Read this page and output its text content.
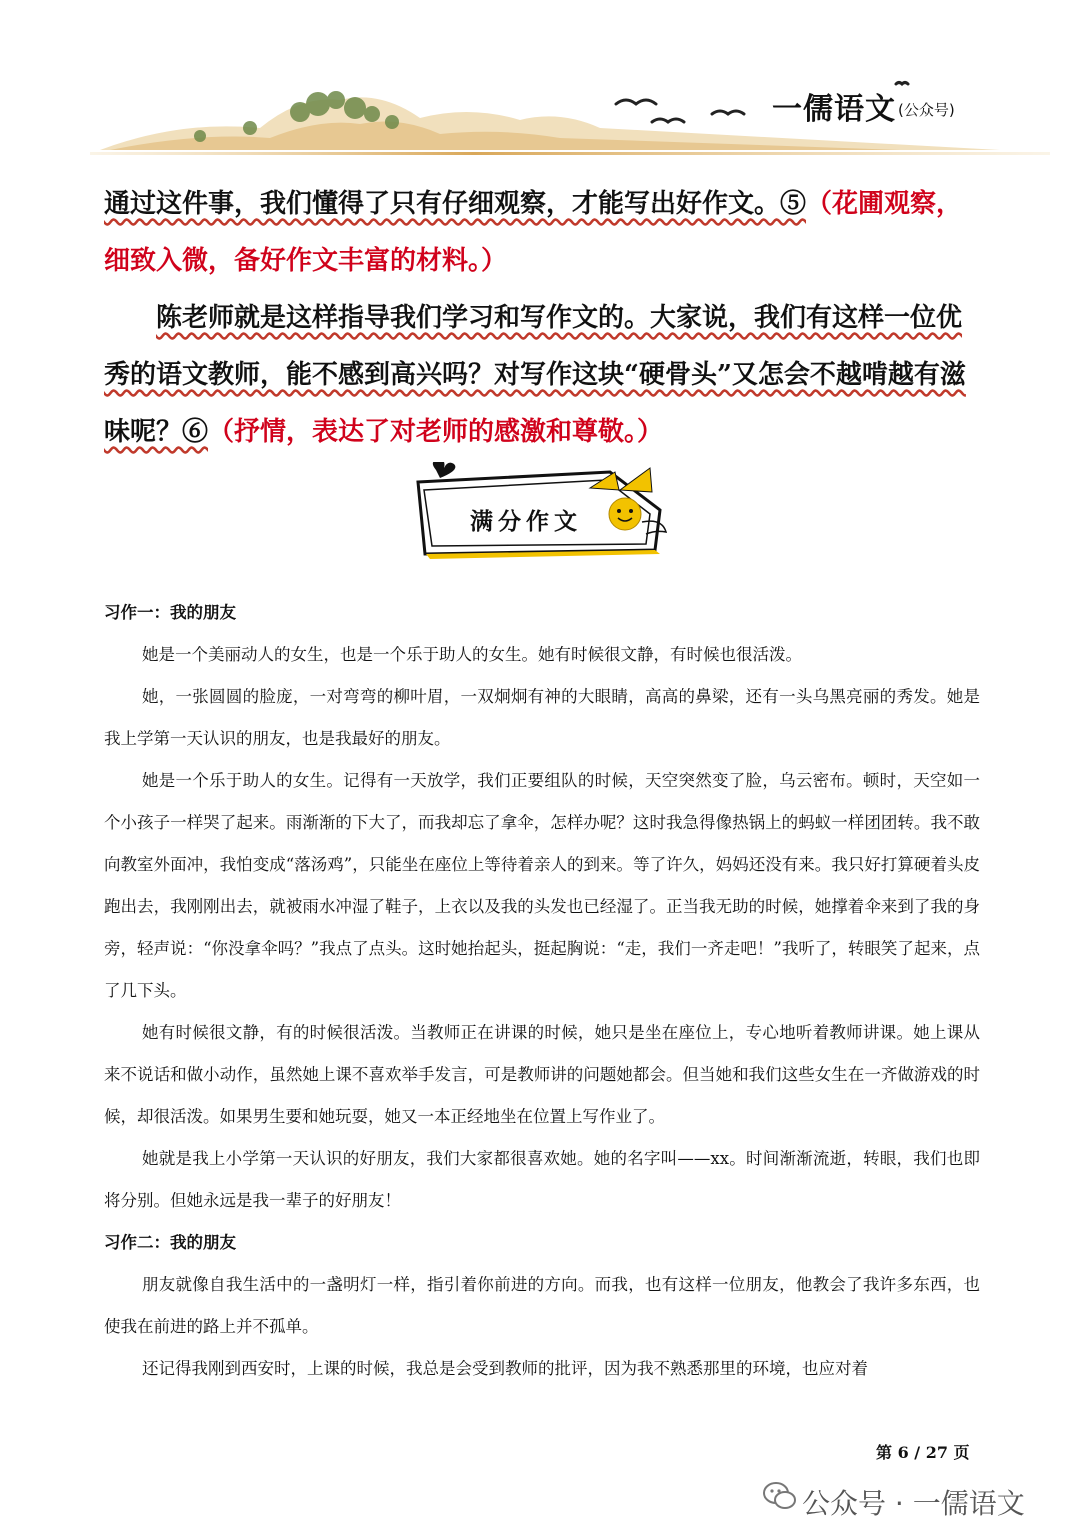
一儒语文 (公众号)
通过这件事，我们懂得了只有仔细观察，才能写出好作文。⑤（花圃观察，细致入微，备好作文丰富的材料。）
陈老师就是这样指导我们学习和写作文的。大家说，我们有这样一位优秀的语文教师，能不感到高兴吗？对写作这块“硬骨头”又怎会不越啃越有滋味呢？⑥（抒情，表达了对老师的感激和尊敬。）
满分作文

习作一：我的朋友

她是一个美丽动人的女生，也是一个乐于助人的女生。她有时候很文静，有时候也很活泼。

她，一张圆圆的脸庞，一对弯弯的柳叶眉，一双炯炯有神的大眼睛，高高的鼻梁，还有一头乌黑亮丽的秀发。她是我上学第一天认识的朋友，也是我最好的朋友。

她是一个乐于助人的女生。记得有一天放学，我们正要组队的时候，天空突然变了脸，乌云密布。顿时，天空如一个小孩子一样哭了起来。雨渐渐的下大了，而我却忘了拿伞，怎样办呢？这时我急得像热锅上的蚂蚁一样团团转。我不敢向教室外面冲，我怕变成“落汤鸡”，只能坐在座位上等待着亲人的到来。等了许久，妈妈还没有来。我只好打算硬着头皮跑出去，我刚刚出去，就被雨水冲湿了鞋子，上衣以及我的头发也已经湿了。正当我无助的时候，她撑着伞来到了我的身旁，轻声说：“你没拿伞吗？”我点了点头。这时她抬起头，挺起胸说：“走，我们一齐走吧！”我听了，转眼笑了起来，点了几下头。

她有时候很文静，有的时候很活泼。当教师正在讲课的时候，她只是坐在座位上，专心地听着教师讲课。她上课从来不说话和做小动作，虽然她上课不喜欢举手发言，可是教师讲的问题她都会。但当她和我们这些女生在一齐做游戏的时候，却很活泼。如果男生要和她玩耍，她又一本正经地坐在位置上写作业了。

她就是我上小学第一天认识的好朋友，我们大家都很喜欢她。她的名字叫——xx。时间渐渐流逝，转眼，我们也即将分别。但她永远是我一辈子的好朋友！

习作二：我的朋友

朋友就像自我生活中的一盏明灯一样，指引着你前进的方向。而我，也有这样一位朋友，他教会了我许多东西，也使我在前进的路上并不孤单。

还记得我刚到西安时，上课的时候，我总是会受到教师的批评，因为我不熟悉那里的环境，也应对着

第 6 / 27 页
公众号 · 一儒语文
